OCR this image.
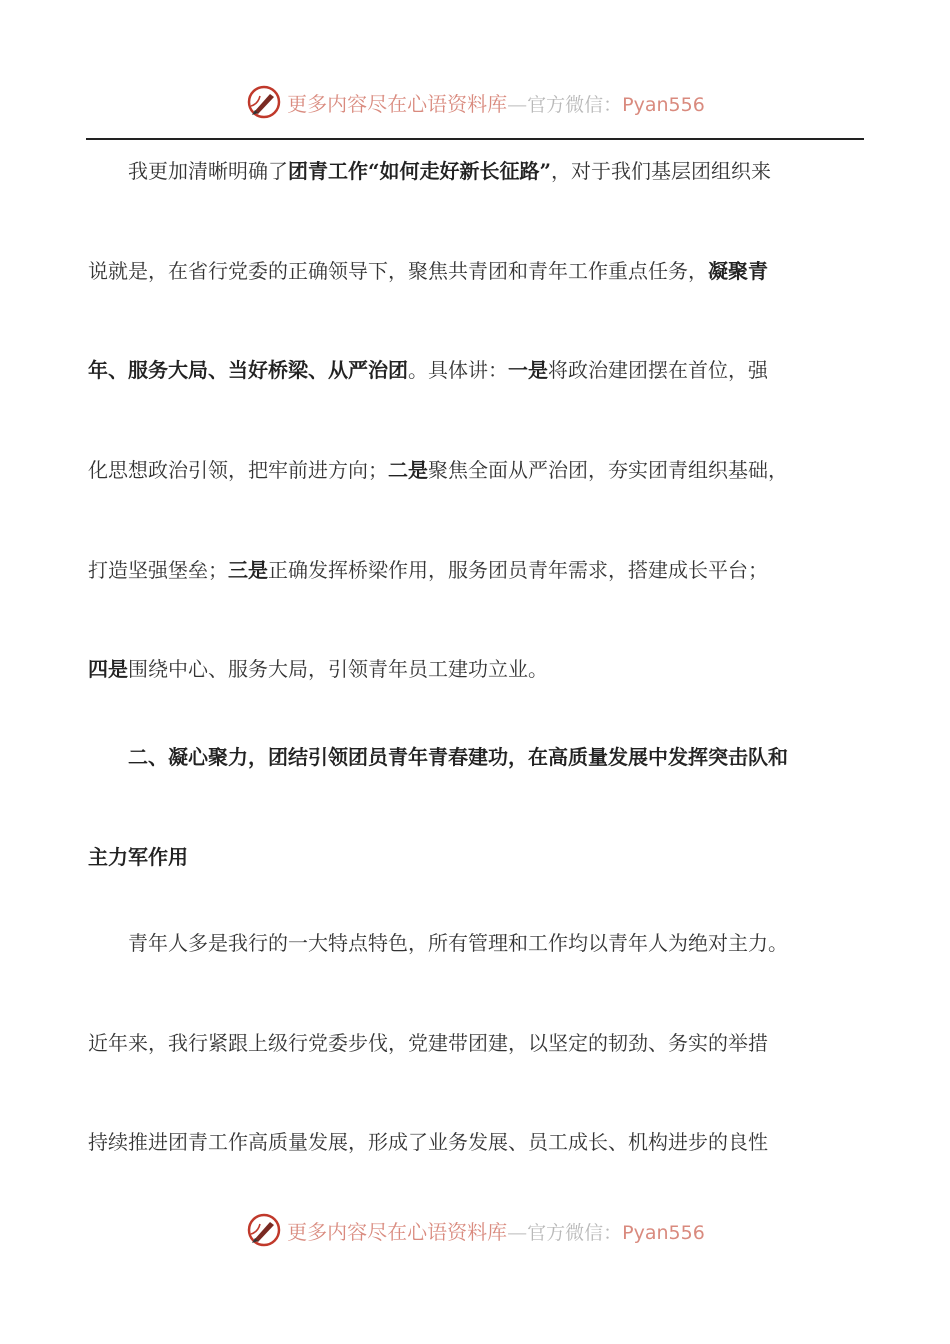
更多内容尽在心语资料库—官方微信：Pyan556
我更加清晰明确了团青工作“如何走好新长征路”，对于我们基层团组织来
说就是，在省行党委的正确领导下，聚焦共青团和青年工作重点任务，凝聚青
年、服务大局、当好桥梁、从严治团。具体讲：一是将政治建团摆在首位，强
化思想政治引领，把牢前进方向；二是聚焦全面从严治团，夯实团青组织基础，
打造坚强堡垒；三是正确发挥桥梁作用，服务团员青年需求，搭建成长平台；
四是围绕中心、服务大局，引领青年员工建功立业。
二、凝心聚力，团结引领团员青年青春建功，在高质量发展中发挥突击队和
主力军作用
青年人多是我行的一大特点特色，所有管理和工作均以青年人为绝对主力。
近年来，我行紧跟上级行党委步伐，党建带团建，以坚定的韧劲、务实的举措
持续推进团青工作高质量发展，形成了业务发展、员工成长、机构进步的良性
更多内容尽在心语资料库—官方微信：Pyan556
